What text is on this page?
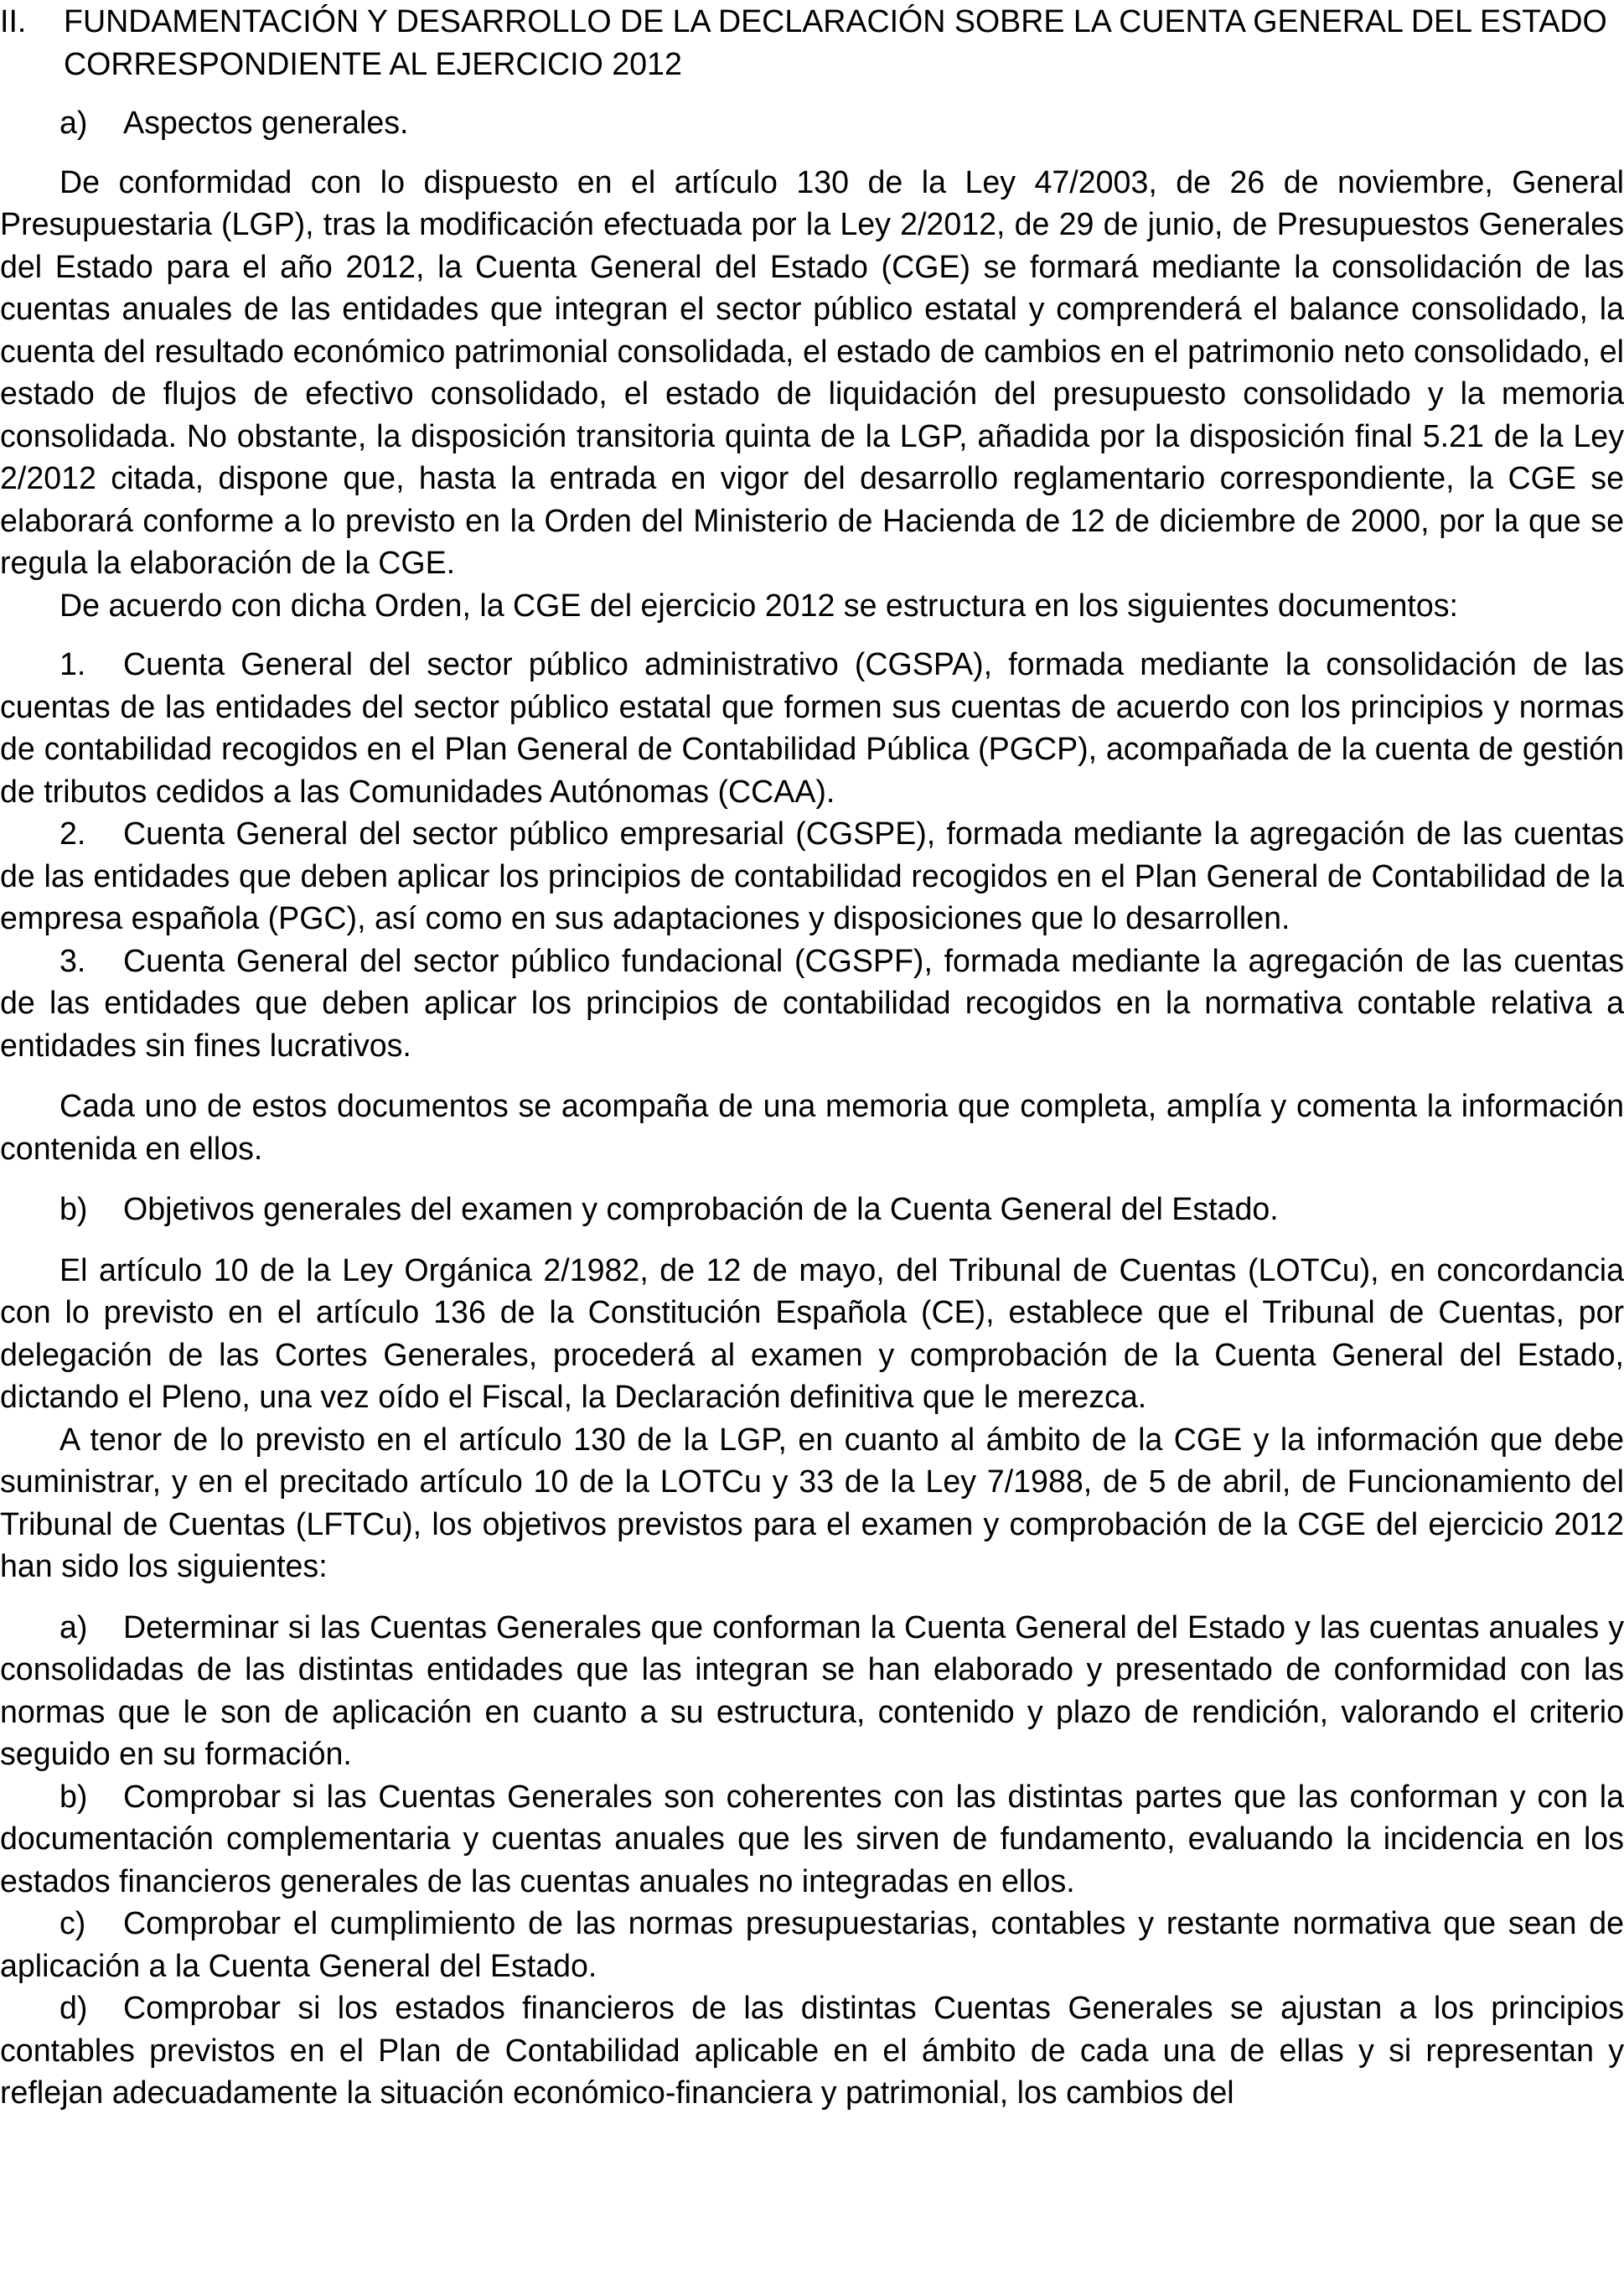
II. FUNDAMENTACIÓN Y DESARROLLO DE LA DECLARACIÓN SOBRE LA CUENTA GENERAL DEL ESTADO CORRESPONDIENTE AL EJERCICIO 2012
a) Aspectos generales.

De conformidad con lo dispuesto en el artículo 130 de la Ley 47/2003, de 26 de noviembre, General Presupuestaria (LGP), tras la modificación efectuada por la Ley 2/2012, de 29 de junio, de Presupuestos Generales del Estado para el año 2012, la Cuenta General del Estado (CGE) se formará mediante la consolidación de las cuentas anuales de las entidades que integran el sector público estatal y comprenderá el balance consolidado, la cuenta del resultado económico patrimonial consolidada, el estado de cambios en el patrimonio neto consolidado, el estado de flujos de efectivo consolidado, el estado de liquidación del presupuesto consolidado y la memoria consolidada. No obstante, la disposición transitoria quinta de la LGP, añadida por la disposición final 5.21 de la Ley 2/2012 citada, dispone que, hasta la entrada en vigor del desarrollo reglamentario correspondiente, la CGE se elaborará conforme a lo previsto en la Orden del Ministerio de Hacienda de 12 de diciembre de 2000, por la que se regula la elaboración de la CGE.

De acuerdo con dicha Orden, la CGE del ejercicio 2012 se estructura en los siguientes documentos:

1. Cuenta General del sector público administrativo (CGSPA), formada mediante la consolidación de las cuentas de las entidades del sector público estatal que formen sus cuentas de acuerdo con los principios y normas de contabilidad recogidos en el Plan General de Contabilidad Pública (PGCP), acompañada de la cuenta de gestión de tributos cedidos a las Comunidades Autónomas (CCAA).

2. Cuenta General del sector público empresarial (CGSPE), formada mediante la agregación de las cuentas de las entidades que deben aplicar los principios de contabilidad recogidos en el Plan General de Contabilidad de la empresa española (PGC), así como en sus adaptaciones y disposiciones que lo desarrollen.

3. Cuenta General del sector público fundacional (CGSPF), formada mediante la agregación de las cuentas de las entidades que deben aplicar los principios de contabilidad recogidos en la normativa contable relativa a entidades sin fines lucrativos.

Cada uno de estos documentos se acompaña de una memoria que completa, amplía y comenta la información contenida en ellos.

b) Objetivos generales del examen y comprobación de la Cuenta General del Estado.

El artículo 10 de la Ley Orgánica 2/1982, de 12 de mayo, del Tribunal de Cuentas (LOTCu), en concordancia con lo previsto en el artículo 136 de la Constitución Española (CE), establece que el Tribunal de Cuentas, por delegación de las Cortes Generales, procederá al examen y comprobación de la Cuenta General del Estado, dictando el Pleno, una vez oído el Fiscal, la Declaración definitiva que le merezca.

A tenor de lo previsto en el artículo 130 de la LGP, en cuanto al ámbito de la CGE y la información que debe suministrar, y en el precitado artículo 10 de la LOTCu y 33 de la Ley 7/1988, de 5 de abril, de Funcionamiento del Tribunal de Cuentas (LFTCu), los objetivos previstos para el examen y comprobación de la CGE del ejercicio 2012 han sido los siguientes:

a) Determinar si las Cuentas Generales que conforman la Cuenta General del Estado y las cuentas anuales y consolidadas de las distintas entidades que las integran se han elaborado y presentado de conformidad con las normas que le son de aplicación en cuanto a su estructura, contenido y plazo de rendición, valorando el criterio seguido en su formación.

b) Comprobar si las Cuentas Generales son coherentes con las distintas partes que las conforman y con la documentación complementaria y cuentas anuales que les sirven de fundamento, evaluando la incidencia en los estados financieros generales de las cuentas anuales no integradas en ellos.

c) Comprobar el cumplimiento de las normas presupuestarias, contables y restante normativa que sean de aplicación a la Cuenta General del Estado.

d) Comprobar si los estados financieros de las distintas Cuentas Generales se ajustan a los principios contables previstos en el Plan de Contabilidad aplicable en el ámbito de cada una de ellas y si representan y reflejan adecuadamente la situación económico-financiera y patrimonial, los cambios del
